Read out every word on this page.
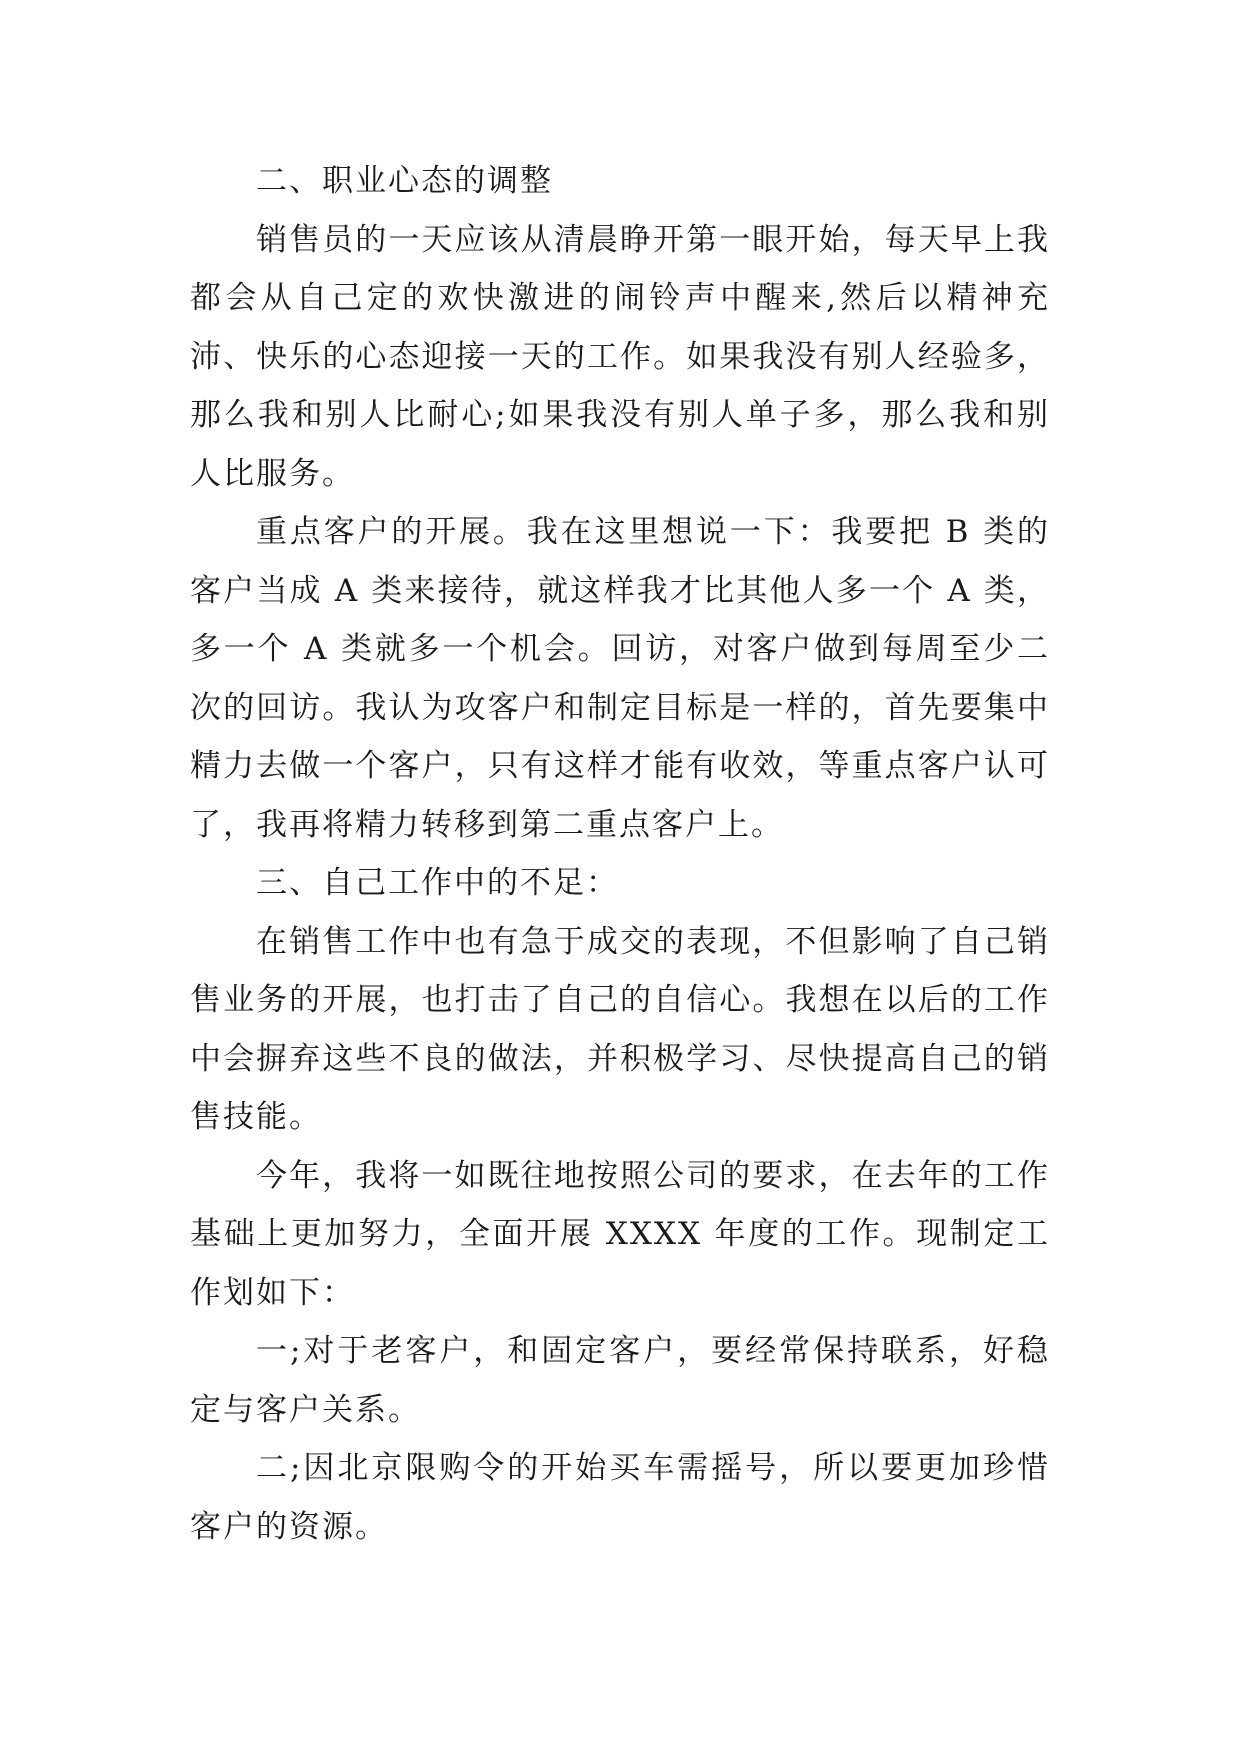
二、职业心态的调整

销售员的一天应该从清晨睁开第一眼开始，每天早上我都会从自己定的欢快激进的闹铃声中醒来,然后以精神充沛、快乐的心态迎接一天的工作。如果我没有别人经验多，那么我和别人比耐心;如果我没有别人单子多，那么我和别人比服务。

重点客户的开展。我在这里想说一下：我要把 B 类的客户当成 A 类来接待，就这样我才比其他人多一个 A 类，多一个 A 类就多一个机会。回访，对客户做到每周至少二次的回访。我认为攻客户和制定目标是一样的，首先要集中精力去做一个客户，只有这样才能有收效，等重点客户认可了，我再将精力转移到第二重点客户上。

三、自己工作中的不足：

在销售工作中也有急于成交的表现，不但影响了自己销售业务的开展，也打击了自己的自信心。我想在以后的工作中会摒弃这些不良的做法，并积极学习、尽快提高自己的销售技能。

今年，我将一如既往地按照公司的要求，在去年的工作基础上更加努力，全面开展 XXXX 年度的工作。现制定工作划如下：

一;对于老客户，和固定客户，要经常保持联系，好稳定与客户关系。

二;因北京限购令的开始买车需摇号，所以要更加珍惜客户的资源。
